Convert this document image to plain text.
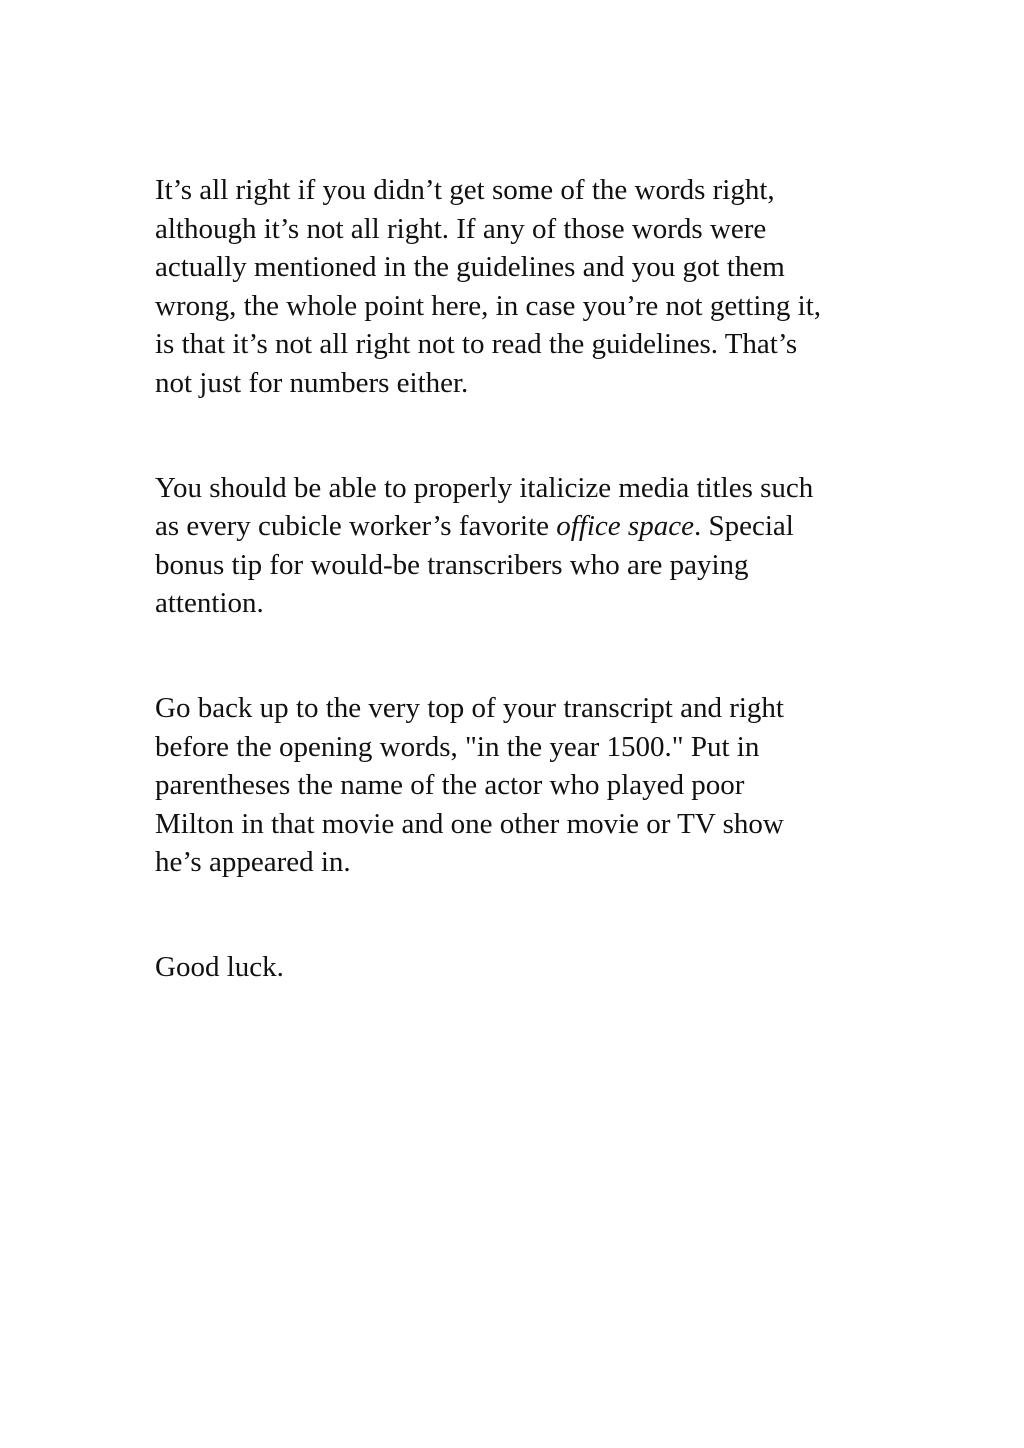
It’s all right if you didn’t get some of the words right,
although it’s not all right. If any of those words were
actually mentioned in the guidelines and you got them
wrong, the whole point here, in case you’re not getting it,
is that it’s not all right not to read the guidelines. That’s
not just for numbers either.

You should be able to properly italicize media titles such
as every cubicle worker’s favorite office space. Special
bonus tip for would-be transcribers who are paying
attention.

Go back up to the very top of your transcript and right
before the opening words, "in the year 1500." Put in
parentheses the name of the actor who played poor
Milton in that movie and one other movie or TV show
he’s appeared in.

Good luck.
